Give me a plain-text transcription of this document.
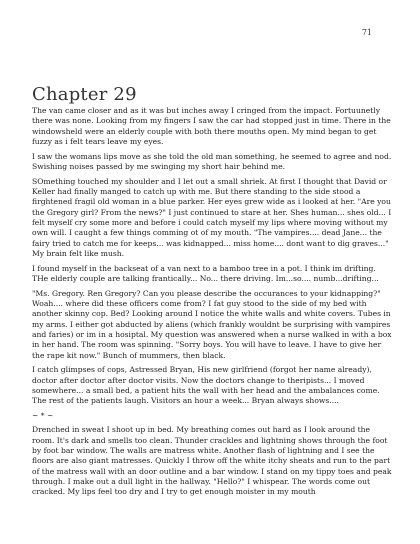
71
Chapter 29

The van came closer and as it was but inches away I cringed from the impact. Fortuunetly there was none. Looking from my fingers I saw the car had stopped just in time. There in the windowsheld were an elderly couple with both there mouths open. My mind began to get fuzzy as i felt tears leave my eyes.

I saw the womans lips move as she told the old man something, he seemed to agree and nod. Swishing noises passed by me swinging my short hair behind me.

SOmething touched my shoulder and I let out a small shriek. At first I thought that David or Keller had finally manged to catch up with me. But there standing to the side stood a firghtened fragil old woman in a blue parker. Her eyes grew wide as i looked at her. "Are you the Gregory girl? From the news?" I just continued to stare at her. Shes human... shes old... I felt myself cry some more and before i could catch myself my lips where moving without my own will. I caught a few things comming ot of my mouth. "The vampires.... dead Jane... the fairy tried to catch me for keeps... was kidnapped... miss home.... dont want to dig graves..." My brain felt like mush.

I found myself in the backseat of a van next to a bamboo tree in a pot. I think im drifting. THe elderly couple are talking frantically... No... there driving. Im...so.... numb...drifting...

"Ms. Gregory. Ren Gregory? Can you please describe the occurances to your kidnapping?" Woah.... where did these officers come from? I fat guy stood to the side of my bed with another skinny cop. Bed? Looking around I notice the white walls and white covers. Tubes in my arms. I either got abducted by aliens (which frankly wouldnt be surprising with vampires and faries) or im in a hosiptal. My question was answered when a nurse walked in with a box in her hand. The room was spinning. "Sorry boys. You will have to leave. I have to give her the rape kit now." Bunch of mummers, then black.

I catch glimpses of cops, Astressed Bryan, His new girlfriend (forgot her name already), doctor after doctor after doctor visits. Now the doctors change to theripists... I moved somewhere... a small bed, a patient hits the wall with her head and the ambalances come. The rest of the patients laugh. Visitors an hour a week... Bryan always shows....

~ * ~

Drenched in sweat I shoot up in bed. My breathing comes out hard as I look around the room. It's dark and smells too clean. Thunder crackles and lightning shows through the foot by foot bar window. The walls are matress white. Another flash of lightning and I see the floors are also giant matresses. Quickly I throw off the white itchy sheats and run to the part of the matress wall with an door outline and a bar window. I stand on my tippy toes and peak through. I make out a dull light in the hallway. "Hello?" I whispear. The words come out cracked. My lips feel too dry and I try to get enough moister in my mouth
